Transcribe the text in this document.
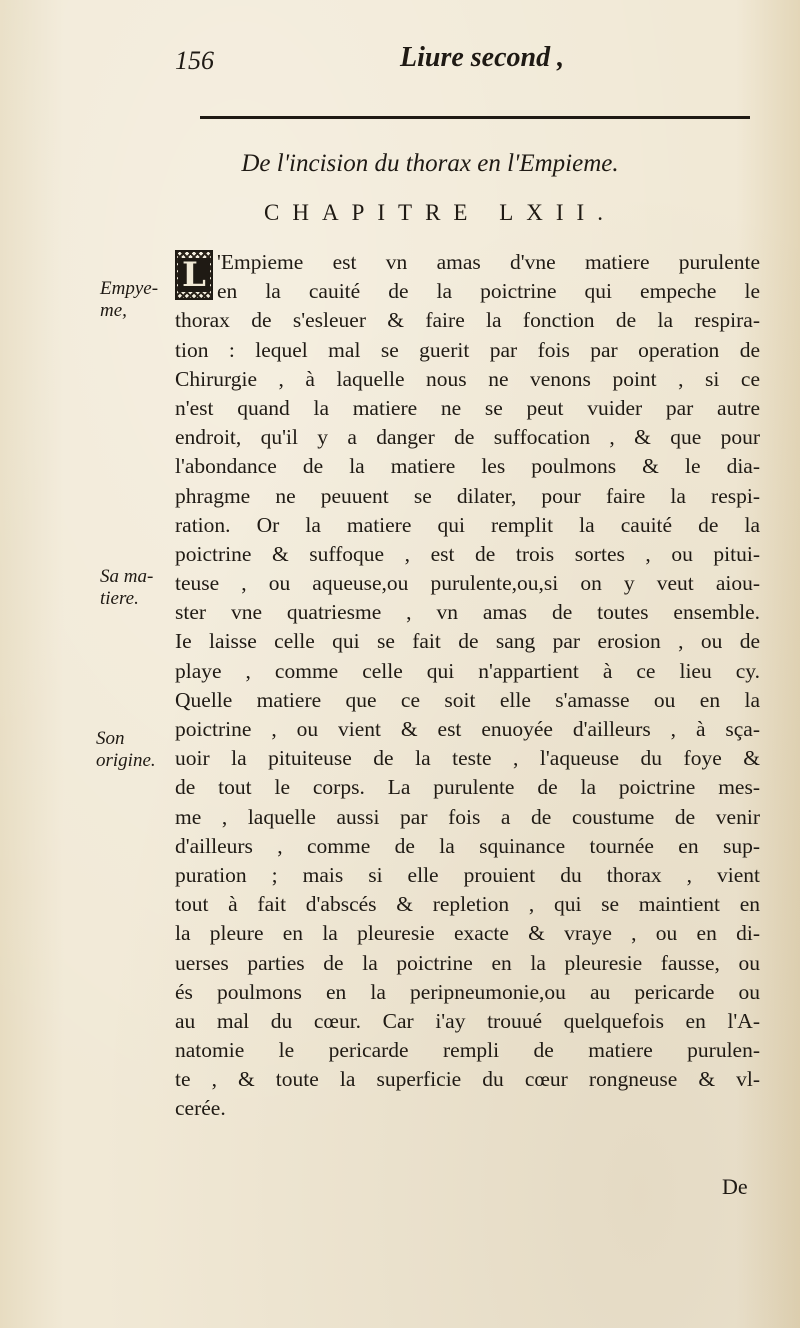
156	Liure second ,
De l'incision du thorax en l'Empieme.
CHAPITRE LXII.
L
Empye-me,
Sa ma-tiere.
Son origine.
'Empieme est vn amas d'vne matiere purulente
en la cauité de la poictrine qui empeche le
thorax de s'esleuer & faire la fonction de la respira-
tion : lequel mal se guerit par fois par operation de
Chirurgie , à laquelle nous ne venons point , si ce
n'est quand la matiere ne se peut vuider par autre
endroit, qu'il y a danger de suffocation , & que pour
l'abondance de la matiere les poulmons & le dia-
phragme ne peuuent se dilater, pour faire la respi-
ration. Or la matiere qui remplit la cauité de la
poictrine & suffoque , est de trois sortes , ou pitui-
teuse , ou aqueuse,ou purulente,ou,si on y veut aiou-
ster vne quatriesme , vn amas de toutes ensemble.
Ie laisse celle qui se fait de sang par erosion , ou de
playe , comme celle qui n'appartient à ce lieu cy.
Quelle matiere que ce soit elle s'amasse ou en la
poictrine , ou vient & est enuoyée d'ailleurs , à sça-
uoir la pituiteuse de la teste , l'aqueuse du foye &
de tout le corps. La purulente de la poictrine mes-
me , laquelle aussi par fois a de coustume de venir
d'ailleurs , comme de la squinance tournée en sup-
puration ; mais si elle prouient du thorax , vient
tout à fait d'abscés & repletion , qui se maintient en
la pleure en la pleuresie exacte & vraye , ou en di-
uerses parties de la poictrine en la pleuresie fausse, ou
és poulmons en la peripneumonie,ou au pericarde ou
au mal du cœur. Car i'ay trouué quelquefois en l'A-
natomie le pericarde rempli de matiere purulen-
te , & toute la superficie du cœur rongneuse & vl-
cerée.
De
